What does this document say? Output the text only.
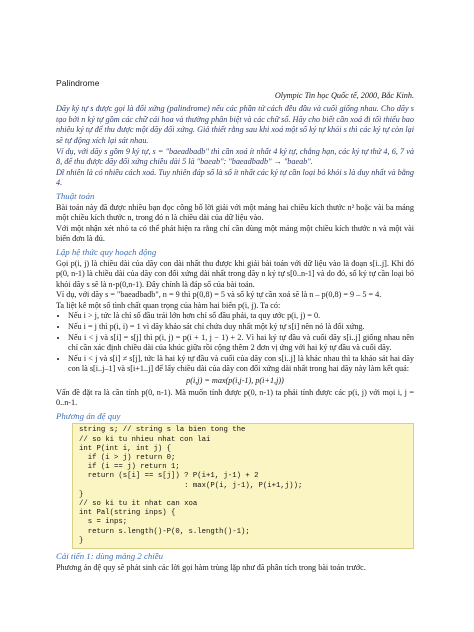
Palindrome
Olympic Tin học Quốc tế, 2000, Bắc Kinh.

Dãy ký tự s được gọi là đối xứng (palindrome) nếu các phần tử cách đều đầu và cuối giống nhau. Cho dãy s tạo bởi n ký tự gồm các chữ cái hoa và thường phân biệt và các chữ số. Hãy cho biết cần xoá đi tối thiểu bao nhiêu ký tự để thu được một dãy đối xứng. Giả thiết rằng sau khi xoá một số ký tự khỏi s thì các ký tự còn lại sẽ tự động xích lại sát nhau.

Ví dụ, với dãy s gồm 9 ký tự, s = "baeadbadb" thì cần xoá ít nhất 4 ký tự, chẳng hạn, các ký tự thứ 4, 6, 7 và 8, để thu được dãy đối xứng chiều dài 5 là "baeab": "baeadbadb" → "baeab".

Dĩ nhiên là có nhiều cách xoá. Tuy nhiên đáp số là số ít nhất các ký tự cần loại bỏ khỏi s là duy nhất và bằng 4.

Thuật toán

Bài toán này đã được nhiều bạn đọc công bố lời giải với một mảng hai chiều kích thước n² hoặc vài ba mảng một chiều kích thước n, trong đó n là chiều dài của dữ liệu vào.

Với một nhận xét nhỏ ta có thể phát hiện ra rằng chỉ cần dùng một mảng một chiều kích thước n và một vài biến đơn là đủ.

Lập hệ thức quy hoạch động

Gọi p(i, j) là chiều dài của dãy con dài nhất thu được khi giải bài toán với dữ liệu vào là đoạn s[i..j]. Khi đó p(0, n-1) là chiều dài của dãy con đối xứng dài nhất trong dãy n ký tự s[0..n-1] và do đó, số ký tự cần loại bỏ khỏi dãy s sẽ là n-p(0,n-1). Đây chính là đáp số của bài toán.

Ví dụ, với dãy s = "baeadbadb", n = 9 thì p(0,8) = 5 và số ký tự cần xoá sẽ là n – p(0,8) = 9 – 5 = 4.

Ta liệt kê một số tình chất quan trọng của hàm hai biến p(i, j). Ta có:

• Nếu i > j, tức là chỉ số đầu trái lớn hơn chỉ số đầu phải, ta quy ước p(i, j) = 0.
• Nếu i = j thì p(i, i) = 1 vì dãy khảo sát chỉ chứa duy nhất một ký tự s[i] nên nó là đối xứng.
• Nếu i < j và s[i] = s[j] thì p(i, j) = p(i + 1, j − 1) + 2. Vì hai ký tự đầu và cuối dãy s[i..j] giống nhau nên chỉ cần xác định chiều dài của khúc giữa rồi cộng thêm 2 đơn vị ứng với hai ký tự đầu và cuối dãy.
• Nếu i < j và s[i] ≠ s[j], tức là hai ký tự đầu và cuối của dãy con s[i..j] là khác nhau thì ta khảo sát hai dãy con là s[i..j–1] và s[i+1..j] để lấy chiều dài của dãy con đối xứng dài nhất trong hai dãy này làm kết quả:
p(i,j) = max(p(i,j-1), p(i+1,j))

Vấn đề đặt ra là cần tính p(0, n-1). Mà muốn tính được p(0, n-1) ta phải tính được các p(i, j) với mọi i, j = 0..n-1.

Phương án đệ quy
string s; // string s la bien tong the
// so ki tu nhieu nhat con lai
int P(int i, int j) {
if (i > j) return 0;
if (i == j) return 1;
return (s[i] == s[j]) ? P(i+1, j-1) + 2
: max(P(i, j-1), P(i+1,j));
}
// so ki tu it nhat can xoa
int Pal(string inps) {
s = inps;
return s.length()-P(0, s.length()-1);
}
Cải tiến 1: dùng mảng 2 chiều

Phương án đệ quy sẽ phát sinh các lời gọi hàm trùng lặp như đã phân tích trong bài toán trước.
